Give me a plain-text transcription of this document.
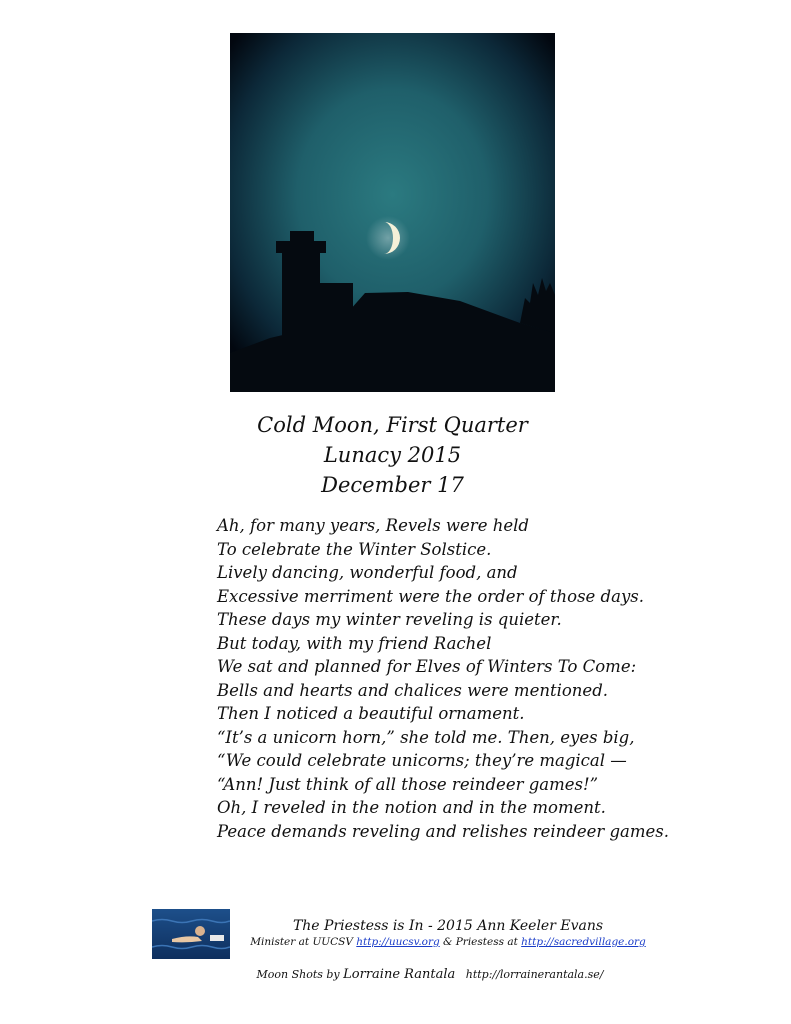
Cold Moon, First Quarter
Lunacy 2015
December 17
Ah, for many years, Revels were held
To celebrate the Winter Solstice.
Lively dancing, wonderful food, and
Excessive merriment were the order of those days.
These days my winter reveling is quieter.
But today, with my friend Rachel
We sat and planned for Elves of Winters To Come:
Bells and hearts and chalices were mentioned.
Then I noticed a beautiful ornament.
“It’s a unicorn horn,” she told me. Then, eyes big,
“We could celebrate unicorns; they’re magical —
“Ann! Just think of all those reindeer games!”
Oh, I reveled in the notion and in the moment.
Peace demands reveling and relishes reindeer games.
The Priestess is In - 2015 Ann Keeler Evans
Minister at UUCSV http://uucsv.org & Priestess at http://sacredvillage.org
Moon Shots by Lorraine Rantala http://lorrainerantala.se/
